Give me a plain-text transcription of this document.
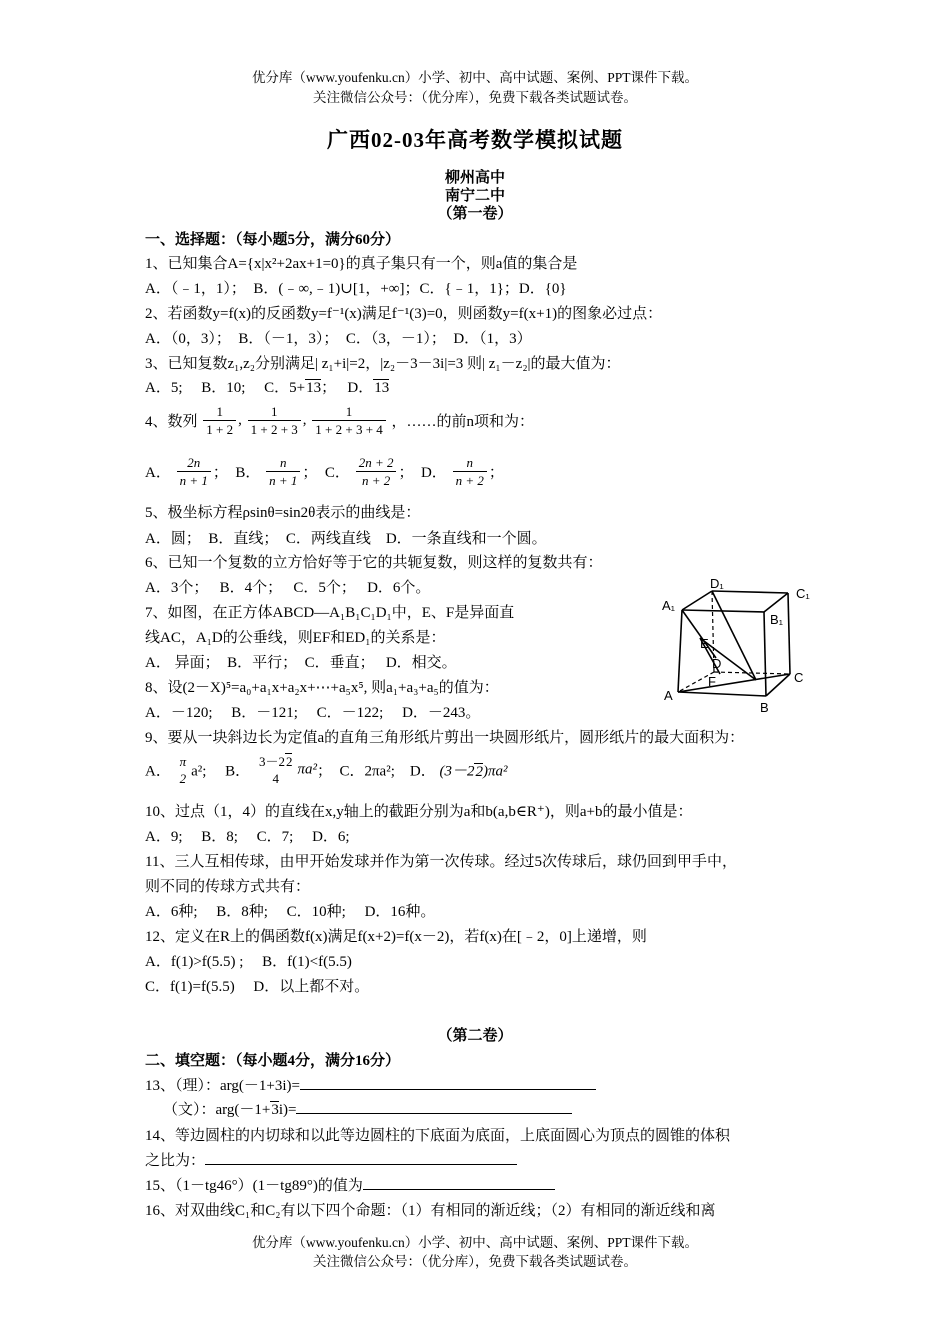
优分库（www.youfenku.cn）小学、初中、高中试题、案例、PPT课件下载。
关注微信公众号：（优分库），免费下载各类试题试卷。
广西02-03年高考数学模拟试题
柳州高中
南宁二中
（第一卷）
一、选择题：（每小题5分，满分60分）
1、已知集合A={x|x²+2ax+1=0}的真子集只有一个，则a值的集合是
A．（﹣1，1）；　B．(﹣∞,﹣1)∪[1，+∞]；C．{﹣1，1}；D．{0}
2、若函数y=f(x)的反函数y=f⁻¹(x)满足f⁻¹(3)=0，则函数y=f(x+1)的图象必过点：
A．（0，3）；　B．（－1，3）；　C．（3，－1）；　D．（1，3）
3、已知复数z₁,z₂分别满足| z₁+i|=2，|z₂－3－3i|=3 则| z₁－z₂|的最大值为：
A．5;　 B．10;　 C．5+13；　 D．13
4、数列 $\frac{1}{1 + 2}$ , $\frac{1}{1 + 2 + 3}$ , $\frac{1}{1 + 2 + 3 + 4}$ ，……的前n项和为：
A． $\frac{2n}{n + 1}$ ；　B． $\frac{n}{n + 1}$ ；　C． $\frac{2n + 2}{n + 2}$ ；　D． $\frac{n}{n + 2}$ ；
5、极坐标方程ρsinθ=sin2θ表示的曲线是：
A．圆；　B．直线；　C．两线直线　D．一条直线和一个圆。
6、已知一个复数的立方恰好等于它的共轭复数，则这样的复数共有：
A．3个；　 B．4个；　 C．5个；　 D．6个。
7、如图，在正方体ABCD—A₁B₁C₁D₁中，E、F是异面直
线AC，A₁D的公垂线，则EF和ED₁的关系是：
A． 异面；　B．平行；　C．垂直；　 D．相交。
D₁
C₁
A₁
B₁
E
D
F	C
A
B
8、设(2－X)⁵=a₀+a₁x+a₂x+⋯+a₅x⁵, 则a₁+a₃+a₅的值为：
A．－120;　 B．－121;　 C．－122;　 D．－243。
9、要从一块斜边长为定值a的直角三角形纸片剪出一块圆形纸片，圆形纸片的最大面积为：
A．
π
2 a²;　 B．
3－22
4
πa²；　C．2πa²;　D． (3－22)πa²
10、过点（1，4）的直线在x,y轴上的截距分别为a和b(a,b∈R⁺)，则a+b的最小值是：
A．9;　 B．8;　 C．7;　 D．6;
11、三人互相传球，由甲开始发球并作为第一次传球。经过5次传球后，球仍回到甲手中，
则不同的传球方式共有：
A．6种;　 B．8种;　 C．10种;　 D．16种。
12、定义在R上的偶函数f(x)满足f(x+2)=f(x－2)，若f(x)在[﹣2，0]上递增，则
A．f(1)>f(5.5) ;　 B．f(1)<f(5.5)
C．f(1)=f(5.5)　 D．以上都不对。
（第二卷）
二、填空题：（每小题4分，满分16分）
13、（理）：arg(－1+3i)=
（文）：arg(－1+3i)=
14、等边圆柱的内切球和以此等边圆柱的下底面为底面，上底面圆心为顶点的圆锥的体积
之比为：
15、（1－tg46°）(1－tg89°)的值为
16、对双曲线C₁和C₂有以下四个命题：（1）有相同的渐近线；（2）有相同的渐近线和离
优分库（www.youfenku.cn）小学、初中、高中试题、案例、PPT课件下载。
关注微信公众号：（优分库），免费下载各类试题试卷。
